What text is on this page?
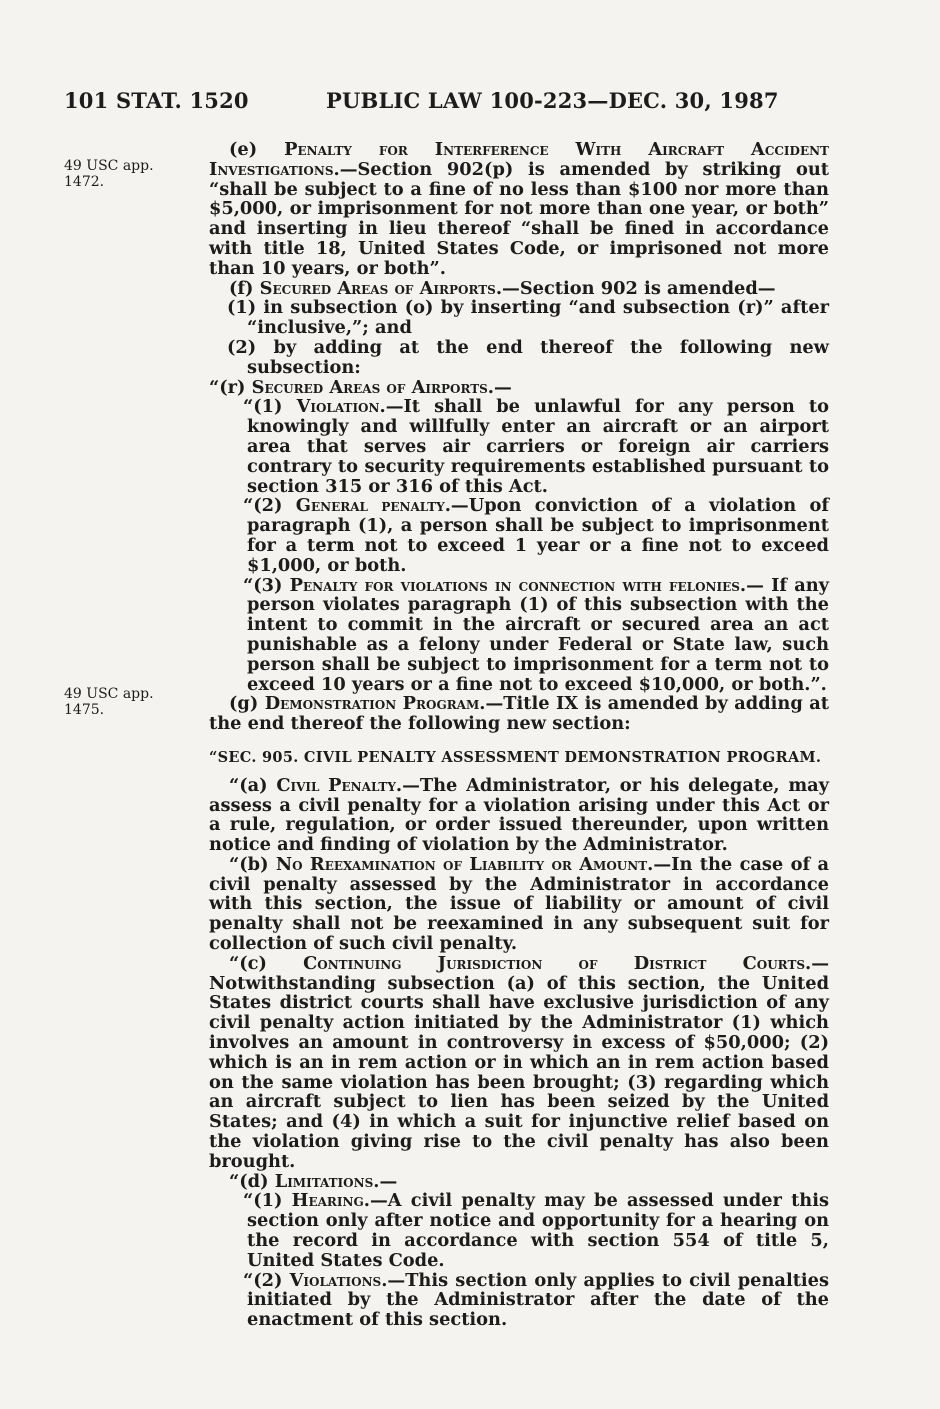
101 STAT. 1520	PUBLIC LAW 100-223—DEC. 30, 1987
49 USC app.
1472.
49 USC app.
1475.

(e) Penalty for Interference With Aircraft Accident Investigations.—Section 902(p) is amended by striking out “shall be subject to a fine of no less than $100 nor more than $5,000, or imprisonment for not more than one year, or both” and inserting in lieu thereof “shall be fined in accordance with title 18, United States Code, or imprisoned not more than 10 years, or both”.

(f) Secured Areas of Airports.—Section 902 is amended—

(1) in subsection (o) by inserting “and subsection (r)” after “inclusive,”; and

(2) by adding at the end thereof the following new subsection:

“(r) Secured Areas of Airports.—

“(1) Violation.—It shall be unlawful for any person to knowingly and willfully enter an aircraft or an airport area that serves air carriers or foreign air carriers contrary to security requirements established pursuant to section 315 or 316 of this Act.

“(2) General penalty.—Upon conviction of a violation of paragraph (1), a person shall be subject to imprisonment for a term not to exceed 1 year or a fine not to exceed $1,000, or both.

“(3) Penalty for violations in connection with felonies.— If any person violates paragraph (1) of this subsection with the intent to commit in the aircraft or secured area an act punishable as a felony under Federal or State law, such person shall be subject to imprisonment for a term not to exceed 10 years or a fine not to exceed $10,000, or both.”.

(g) Demonstration Program.—Title IX is amended by adding at the end thereof the following new section:

“SEC. 905. CIVIL PENALTY ASSESSMENT DEMONSTRATION PROGRAM.

“(a) Civil Penalty.—The Administrator, or his delegate, may assess a civil penalty for a violation arising under this Act or a rule, regulation, or order issued thereunder, upon written notice and finding of violation by the Administrator.

“(b) No Reexamination of Liability or Amount.—In the case of a civil penalty assessed by the Administrator in accordance with this section, the issue of liability or amount of civil penalty shall not be reexamined in any subsequent suit for collection of such civil penalty.

“(c) Continuing Jurisdiction of District Courts.—Notwithstanding subsection (a) of this section, the United States district courts shall have exclusive jurisdiction of any civil penalty action initiated by the Administrator (1) which involves an amount in controversy in excess of $50,000; (2) which is an in rem action or in which an in rem action based on the same violation has been brought; (3) regarding which an aircraft subject to lien has been seized by the United States; and (4) in which a suit for injunctive relief based on the violation giving rise to the civil penalty has also been brought.

“(d) Limitations.—

“(1) Hearing.—A civil penalty may be assessed under this section only after notice and opportunity for a hearing on the record in accordance with section 554 of title 5, United States Code.

“(2) Violations.—This section only applies to civil penalties initiated by the Administrator after the date of the enactment of this section.
